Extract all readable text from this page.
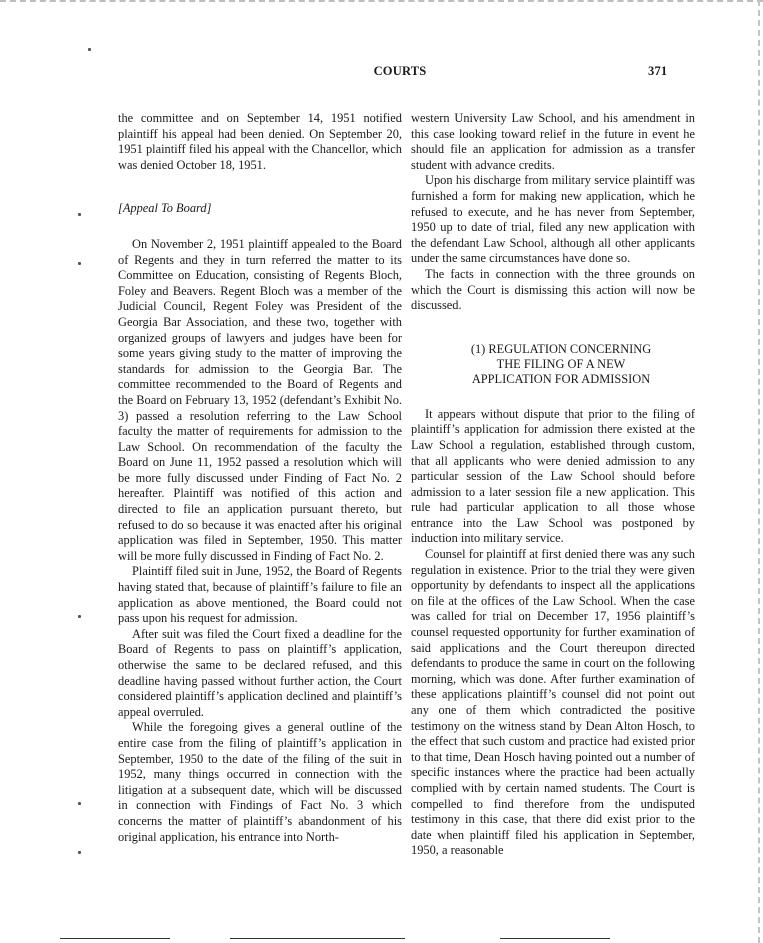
COURTS	371

the committee and on September 14, 1951 notified plaintiff his appeal had been denied. On September 20, 1951 plaintiff filed his appeal with the Chancellor, which was denied October 18, 1951.

[Appeal To Board]

On November 2, 1951 plaintiff appealed to the Board of Regents and they in turn referred the matter to its Committee on Education, consisting of Regents Bloch, Foley and Beavers. Regent Bloch was a member of the Judicial Council, Regent Foley was President of the Georgia Bar Association, and these two, together with organized groups of lawyers and judges have been for some years giving study to the matter of improving the standards for admission to the Georgia Bar. The committee recommended to the Board of Regents and the Board on February 13, 1952 (defendant’s Exhibit No. 3) passed a resolution referring to the Law School faculty the matter of requirements for admission to the Law School. On recommendation of the faculty the Board on June 11, 1952 passed a resolution which will be more fully discussed under Finding of Fact No. 2 hereafter. Plaintiff was notified of this action and directed to file an application pursuant thereto, but refused to do so because it was enacted after his original application was filed in September, 1950. This matter will be more fully discussed in Finding of Fact No. 2.

Plaintiff filed suit in June, 1952, the Board of Regents having stated that, because of plaintiff’s failure to file an application as above mentioned, the Board could not pass upon his request for admission.

After suit was filed the Court fixed a deadline for the Board of Regents to pass on plaintiff’s application, otherwise the same to be declared refused, and this deadline having passed without further action, the Court considered plaintiff’s application declined and plaintiff’s appeal overruled.

While the foregoing gives a general outline of the entire case from the filing of plaintiff’s application in September, 1950 to the date of the filing of the suit in 1952, many things occurred in connection with the litigation at a subsequent date, which will be discussed in connection with Findings of Fact No. 3 which concerns the matter of plaintiff’s abandonment of his original application, his entrance into North-

western University Law School, and his amendment in this case looking toward relief in the future in event he should file an application for admission as a transfer student with advance credits.

Upon his discharge from military service plaintiff was furnished a form for making new application, which he refused to execute, and he has never from September, 1950 up to date of trial, filed any new application with the defendant Law School, although all other applicants under the same circumstances have done so.

The facts in connection with the three grounds on which the Court is dismissing this action will now be discussed.

(1) REGULATION CONCERNING
THE FILING OF A NEW
APPLICATION FOR ADMISSION

It appears without dispute that prior to the filing of plaintiff’s application for admission there existed at the Law School a regulation, established through custom, that all applicants who were denied admission to any particular session of the Law School should before admission to a later session file a new application. This rule had particular application to all those whose entrance into the Law School was postponed by induction into military service.

Counsel for plaintiff at first denied there was any such regulation in existence. Prior to the trial they were given opportunity by defendants to inspect all the applications on file at the offices of the Law School. When the case was called for trial on December 17, 1956 plaintiff’s counsel requested opportunity for further examination of said applications and the Court thereupon directed defendants to produce the same in court on the following morning, which was done. After further examination of these applications plaintiff’s counsel did not point out any one of them which contradicted the positive testimony on the witness stand by Dean Alton Hosch, to the effect that such custom and practice had existed prior to that time, Dean Hosch having pointed out a number of specific instances where the practice had been actually complied with by certain named students. The Court is compelled to find therefore from the undisputed testimony in this case, that there did exist prior to the date when plaintiff filed his application in September, 1950, a reasonable
